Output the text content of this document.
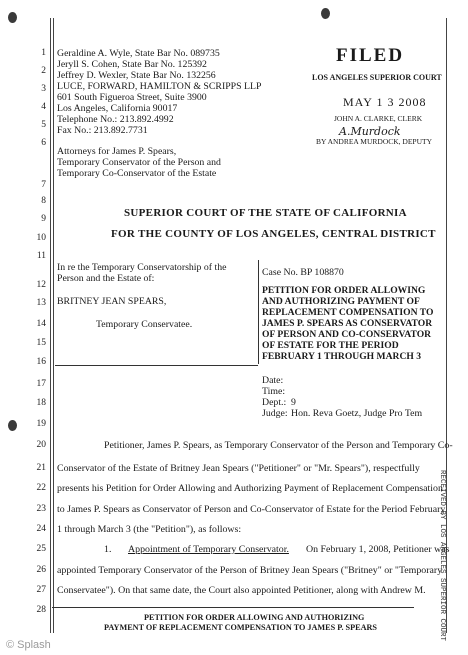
1
2
3
4
5
6
7
8
9
10
11
12
13
14
15
16
17
18
19
20
21
22
23
24
25
26
27
28
Geraldine A. Wyle, State Bar No. 089735
Jeryll S. Cohen, State Bar No. 125392
Jeffrey D. Wexler, State Bar No. 132256
LUCE, FORWARD, HAMILTON & SCRIPPS LLP
601 South Figueroa Street, Suite 3900
Los Angeles, California 90017
Telephone No.: 213.892.4992
Fax No.: 213.892.7731
Attorneys for James P. Spears,
Temporary Conservator of the Person and
Temporary Co-Conservator of the Estate
FILED
LOS ANGELES SUPERIOR COURT
MAY 1 3 2008
JOHN A. CLARKE, CLERK
A.Murdock
BY ANDREA MURDOCK, DEPUTY
SUPERIOR COURT OF THE STATE OF CALIFORNIA
FOR THE COUNTY OF LOS ANGELES, CENTRAL DISTRICT
In re the Temporary Conservatorship of the
Person and the Estate of:
BRITNEY JEAN SPEARS,
Temporary Conservatee.
Case No. BP 108870
PETITION FOR ORDER ALLOWING
AND AUTHORIZING PAYMENT OF
REPLACEMENT COMPENSATION TO
JAMES P. SPEARS AS CONSERVATOR
OF PERSON AND CO-CONSERVATOR
OF ESTATE FOR THE PERIOD
FEBRUARY 1 THROUGH MARCH 3
Date:
Time:
Dept.: 9
Judge: Hon. Reva Goetz, Judge Pro Tem
Petitioner, James P. Spears, as Temporary Conservator of the Person and Temporary Co-
Conservator of the Estate of Britney Jean Spears ("Petitioner" or "Mr. Spears"), respectfully
presents his Petition for Order Allowing and Authorizing Payment of Replacement Compensation
to James P. Spears as Conservator of Person and Co-Conservator of Estate for the Period February
1 through March 3 (the "Petition"), as follows:
1. Appointment of Temporary Conservator. On February 1, 2008, Petitioner was
appointed Temporary Conservator of the Person of Britney Jean Spears ("Britney" or "Temporary
Conservatee"). On that same date, the Court also appointed Petitioner, along with Andrew M. RECEIVED BY LOS ANGELES SUPERIOR COURT
PETITION FOR ORDER ALLOWING AND AUTHORIZING
PAYMENT OF REPLACEMENT COMPENSATION TO JAMES P. SPEARS
© Splash
